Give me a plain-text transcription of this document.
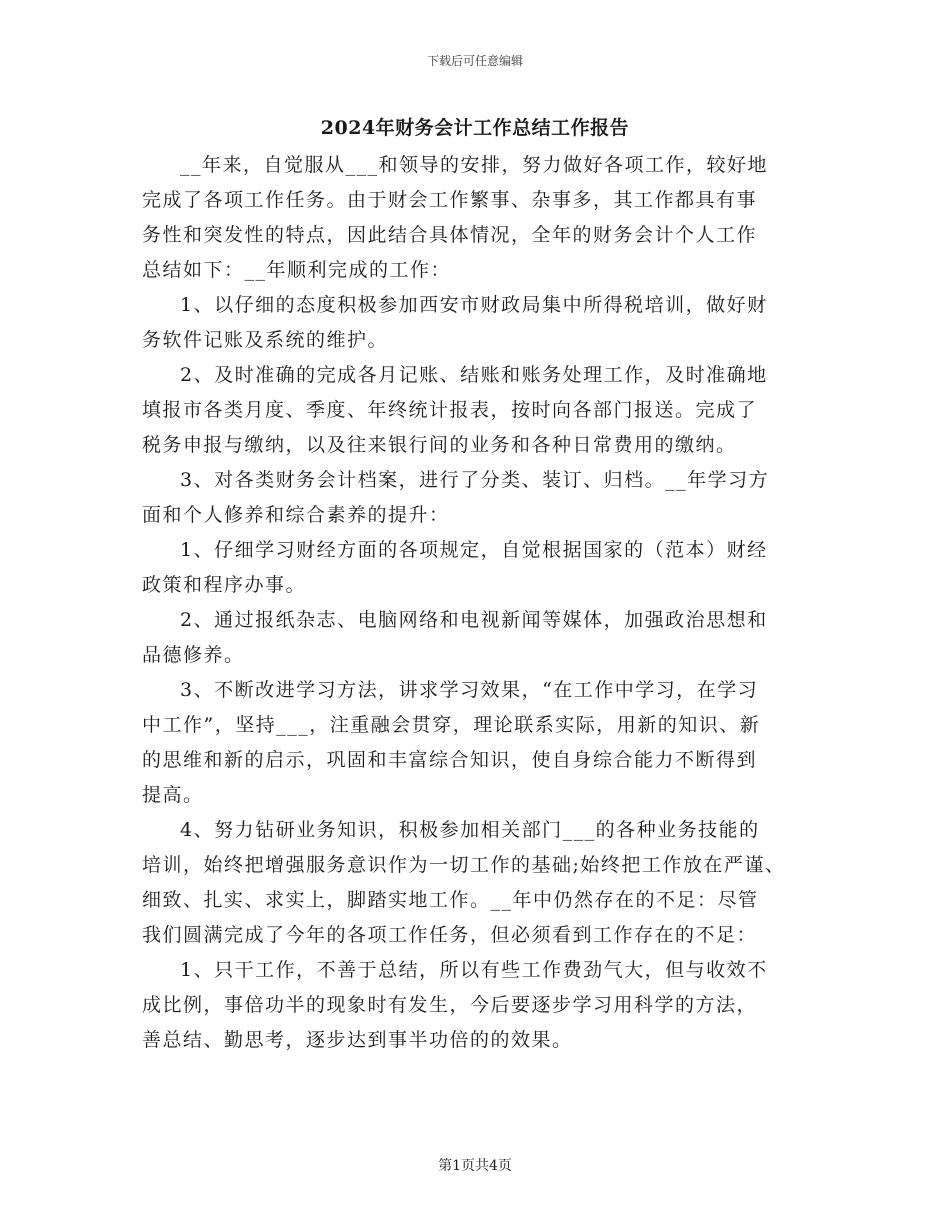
下载后可任意编辑
2024年财务会计工作总结工作报告
__年来，自觉服从___和领导的安排，努力做好各项工作，较好地
完成了各项工作任务。由于财会工作繁事、杂事多，其工作都具有事
务性和突发性的特点，因此结合具体情况，全年的财务会计个人工作
总结如下：__年顺利完成的工作：
1、以仔细的态度积极参加西安市财政局集中所得税培训，做好财
务软件记账及系统的维护。
2、及时准确的完成各月记账、结账和账务处理工作，及时准确地
填报市各类月度、季度、年终统计报表，按时向各部门报送。完成了
税务申报与缴纳，以及往来银行间的业务和各种日常费用的缴纳。
3、对各类财务会计档案，进行了分类、装订、归档。__年学习方
面和个人修养和综合素养的提升：
1、仔细学习财经方面的各项规定，自觉根据国家的（范本）财经
政策和程序办事。
2、通过报纸杂志、电脑网络和电视新闻等媒体，加强政治思想和
品德修养。
3、不断改进学习方法，讲求学习效果，“在工作中学习，在学习
中工作”，坚持___，注重融会贯穿，理论联系实际，用新的知识、新
的思维和新的启示，巩固和丰富综合知识，使自身综合能力不断得到
提高。
4、努力钻研业务知识，积极参加相关部门___的各种业务技能的
培训，始终把增强服务意识作为一切工作的基础;始终把工作放在严谨、
细致、扎实、求实上，脚踏实地工作。__年中仍然存在的不足：尽管
我们圆满完成了今年的各项工作任务，但必须看到工作存在的不足：
1、只干工作，不善于总结，所以有些工作费劲气大，但与收效不
成比例，事倍功半的现象时有发生，今后要逐步学习用科学的方法，
善总结、勤思考，逐步达到事半功倍的的效果。
第1页共4页
